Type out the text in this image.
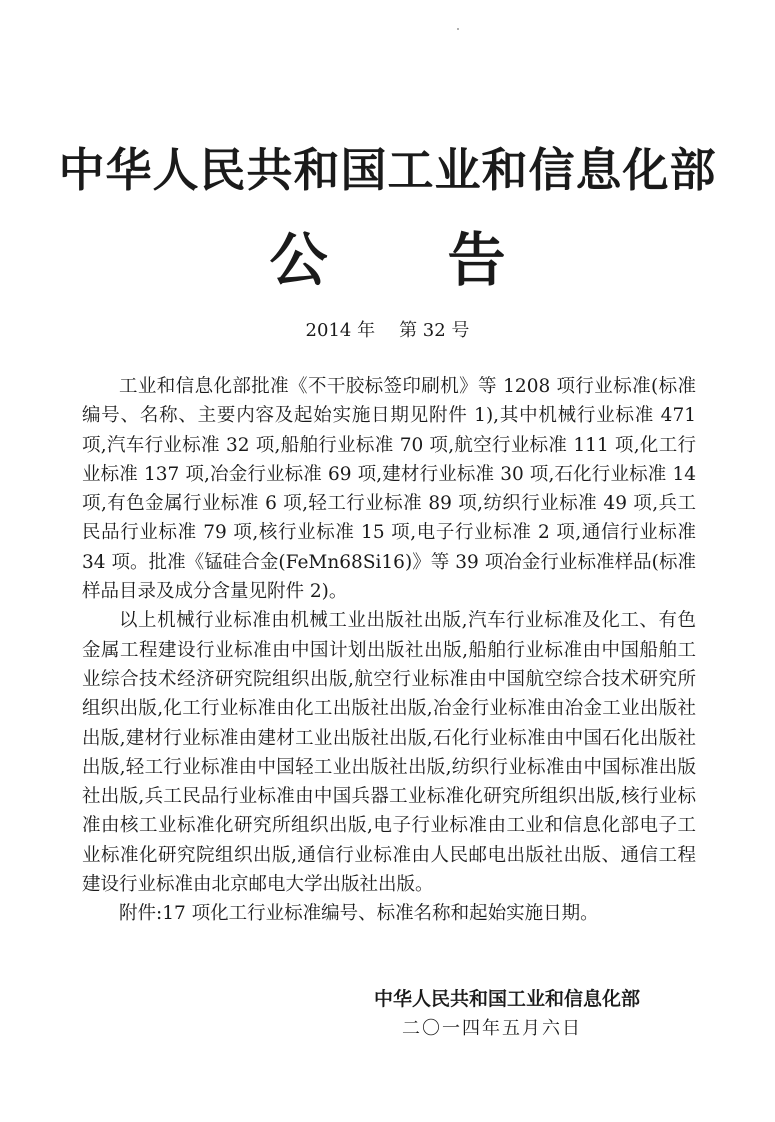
中华人民共和国工业和信息化部
公告
2014 年 第 32 号

工业和信息化部批准《不干胶标签印刷机》等 1208 项行业标准(标准编号、名称、主要内容及起始实施日期见附件 1),其中机械行业标准 471 项,汽车行业标准 32 项,船舶行业标准 70 项,航空行业标准 111 项,化工行业标准 137 项,冶金行业标准 69 项,建材行业标准 30 项,石化行业标准 14 项,有色金属行业标准 6 项,轻工行业标准 89 项,纺织行业标准 49 项,兵工民品行业标准 79 项,核行业标准 15 项,电子行业标准 2 项,通信行业标准 34 项。批准《锰硅合金(FeMn68Si16)》等 39 项冶金行业标准样品(标准样品目录及成分含量见附件 2)。

以上机械行业标准由机械工业出版社出版,汽车行业标准及化工、有色金属工程建设行业标准由中国计划出版社出版,船舶行业标准由中国船舶工业综合技术经济研究院组织出版,航空行业标准由中国航空综合技术研究所组织出版,化工行业标准由化工出版社出版,冶金行业标准由冶金工业出版社出版,建材行业标准由建材工业出版社出版,石化行业标准由中国石化出版社出版,轻工行业标准由中国轻工业出版社出版,纺织行业标准由中国标准出版社出版,兵工民品行业标准由中国兵器工业标准化研究所组织出版,核行业标准由核工业标准化研究所组织出版,电子行业标准由工业和信息化部电子工业标准化研究院组织出版,通信行业标准由人民邮电出版社出版、通信工程建设行业标准由北京邮电大学出版社出版。

附件:17 项化工行业标准编号、标准名称和起始实施日期。

中华人民共和国工业和信息化部
二〇一四年五月六日
